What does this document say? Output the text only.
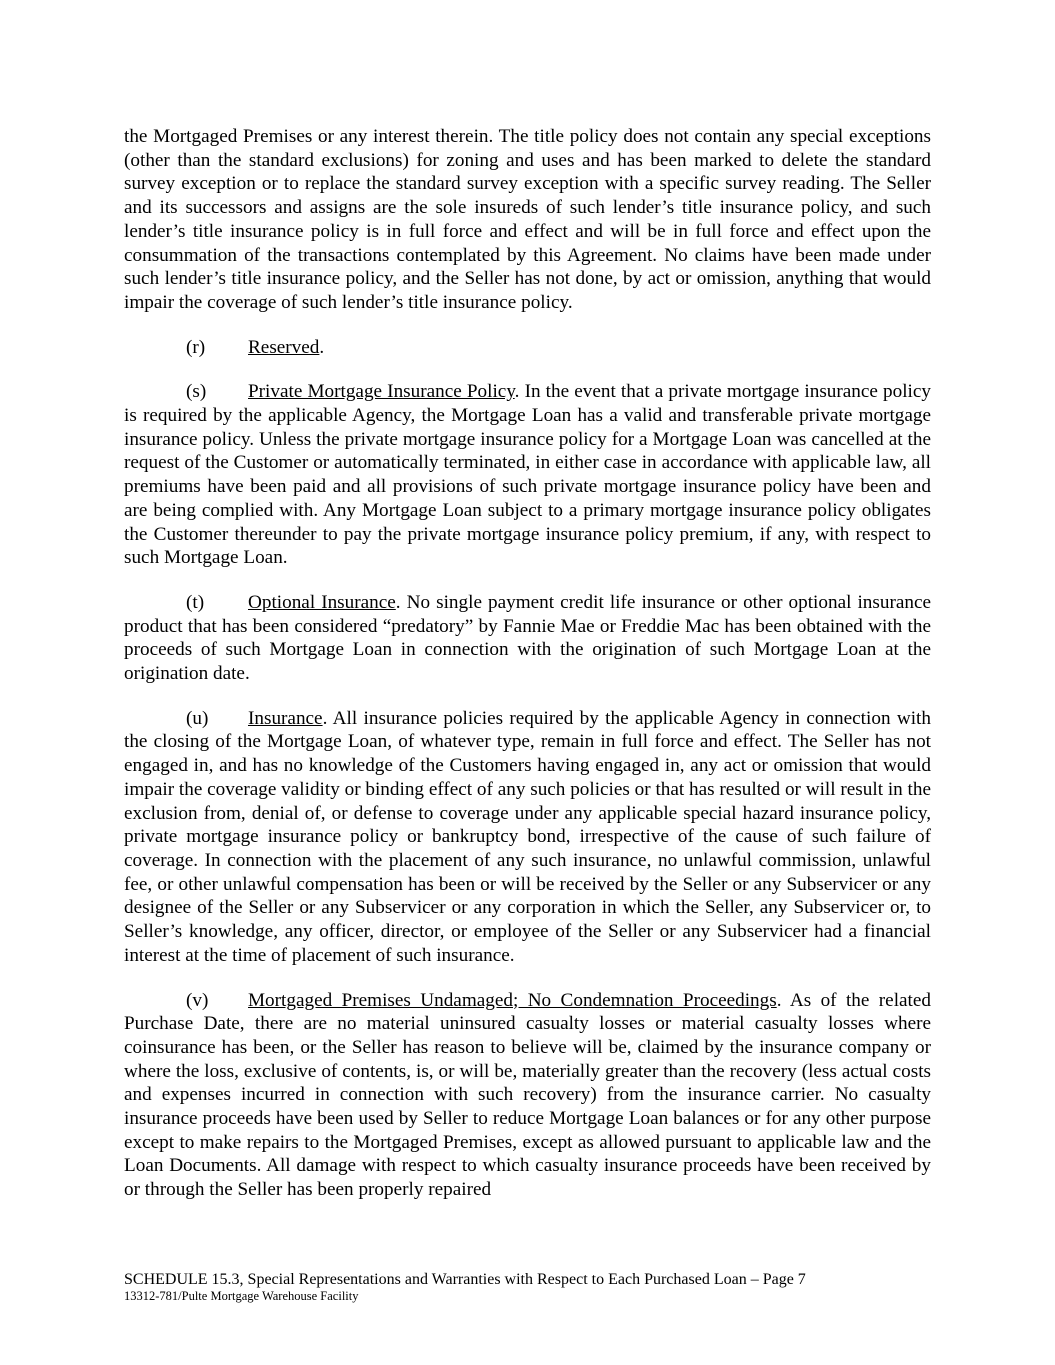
the Mortgaged Premises or any interest therein. The title policy does not contain any special exceptions (other than the standard exclusions) for zoning and uses and has been marked to delete the standard survey exception or to replace the standard survey exception with a specific survey reading. The Seller and its successors and assigns are the sole insureds of such lender’s title insurance policy, and such lender’s title insurance policy is in full force and effect and will be in full force and effect upon the consummation of the transactions contemplated by this Agreement. No claims have been made under such lender’s title insurance policy, and the Seller has not done, by act or omission, anything that would impair the coverage of such lender’s title insurance policy.

(r) Reserved.

(s) Private Mortgage Insurance Policy. In the event that a private mortgage insurance policy is required by the applicable Agency, the Mortgage Loan has a valid and transferable private mortgage insurance policy. Unless the private mortgage insurance policy for a Mortgage Loan was cancelled at the request of the Customer or automatically terminated, in either case in accordance with applicable law, all premiums have been paid and all provisions of such private mortgage insurance policy have been and are being complied with. Any Mortgage Loan subject to a primary mortgage insurance policy obligates the Customer thereunder to pay the private mortgage insurance policy premium, if any, with respect to such Mortgage Loan.

(t) Optional Insurance. No single payment credit life insurance or other optional insurance product that has been considered “predatory” by Fannie Mae or Freddie Mac has been obtained with the proceeds of such Mortgage Loan in connection with the origination of such Mortgage Loan at the origination date.

(u) Insurance. All insurance policies required by the applicable Agency in connection with the closing of the Mortgage Loan, of whatever type, remain in full force and effect. The Seller has not engaged in, and has no knowledge of the Customers having engaged in, any act or omission that would impair the coverage validity or binding effect of any such policies or that has resulted or will result in the exclusion from, denial of, or defense to coverage under any applicable special hazard insurance policy, private mortgage insurance policy or bankruptcy bond, irrespective of the cause of such failure of coverage. In connection with the placement of any such insurance, no unlawful commission, unlawful fee, or other unlawful compensation has been or will be received by the Seller or any Subservicer or any designee of the Seller or any Subservicer or any corporation in which the Seller, any Subservicer or, to Seller’s knowledge, any officer, director, or employee of the Seller or any Subservicer had a financial interest at the time of placement of such insurance.

(v) Mortgaged Premises Undamaged; No Condemnation Proceedings. As of the related Purchase Date, there are no material uninsured casualty losses or material casualty losses where coinsurance has been, or the Seller has reason to believe will be, claimed by the insurance company or where the loss, exclusive of contents, is, or will be, materially greater than the recovery (less actual costs and expenses incurred in connection with such recovery) from the insurance carrier. No casualty insurance proceeds have been used by Seller to reduce Mortgage Loan balances or for any other purpose except to make repairs to the Mortgaged Premises, except as allowed pursuant to applicable law and the Loan Documents. All damage with respect to which casualty insurance proceeds have been received by or through the Seller has been properly repaired

SCHEDULE 15.3, Special Representations and Warranties with Respect to Each Purchased Loan – Page 7
13312-781/Pulte Mortgage Warehouse Facility
